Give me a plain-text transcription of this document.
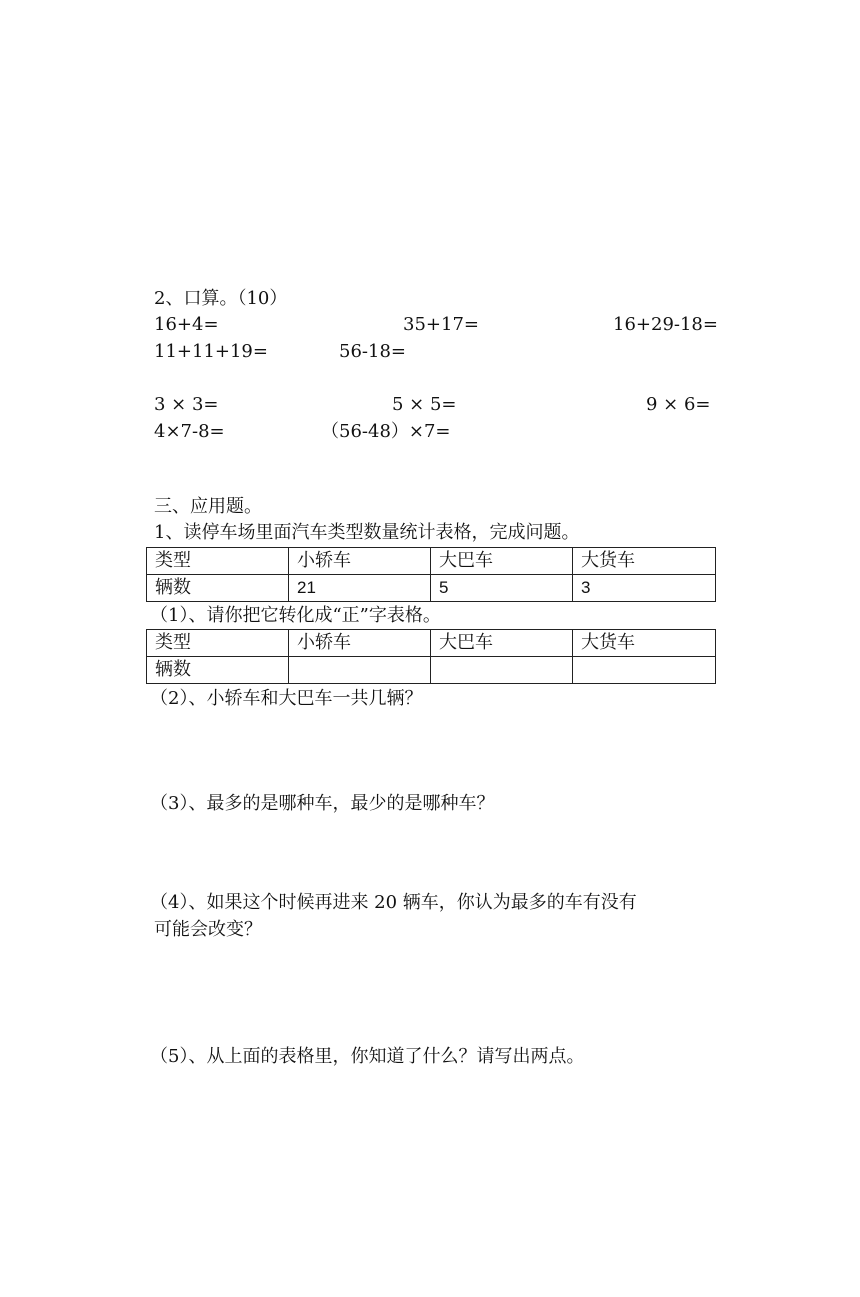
2、口算。（10）
16+4=	35+17=	16+29-18=
11+11+19=	56-18=
3 × 3=	5 × 5=	9 × 6=
4×7-8=	（56-48）×7=
三、应用题。
1、读停车场里面汽车类型数量统计表格，完成问题。
类型	小轿车	大巴车	大货车
辆数	21	5	3
（1）、请你把它转化成“正”字表格。
类型	小轿车	大巴车	大货车
辆数			
（2）、小轿车和大巴车一共几辆？
（3）、最多的是哪种车，最少的是哪种车？
（4）、如果这个时候再进来 20 辆车，你认为最多的车有没有
可能会改变？
（5）、从上面的表格里，你知道了什么？请写出两点。
